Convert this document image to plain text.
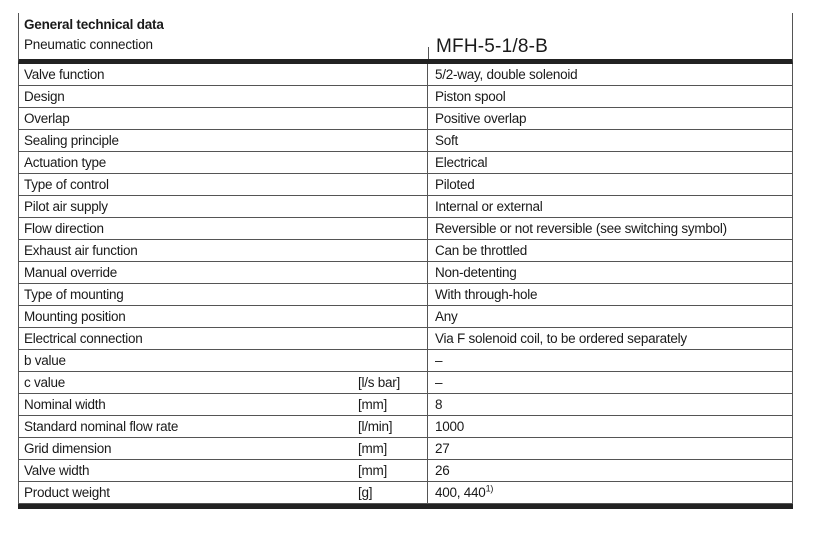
General technical data
Pneumatic connection	MFH-5-1/8-B
Valve function		5/2-way, double solenoid
Design		Piston spool
Overlap		Positive overlap
Sealing principle		Soft
Actuation type		Electrical
Type of control		Piloted
Pilot air supply		Internal or external
Flow direction		Reversible or not reversible (see switching symbol)
Exhaust air function		Can be throttled
Manual override		Non-detenting
Type of mounting		With through-hole
Mounting position		Any
Electrical connection		Via F solenoid coil, to be ordered separately
b value		–
c value	[l/s bar]	–
Nominal width	[mm]	8
Standard nominal flow rate	[l/min]	1000
Grid dimension	[mm]	27
Valve width	[mm]	26
Product weight	[g]	400, 440$^{1)}$
